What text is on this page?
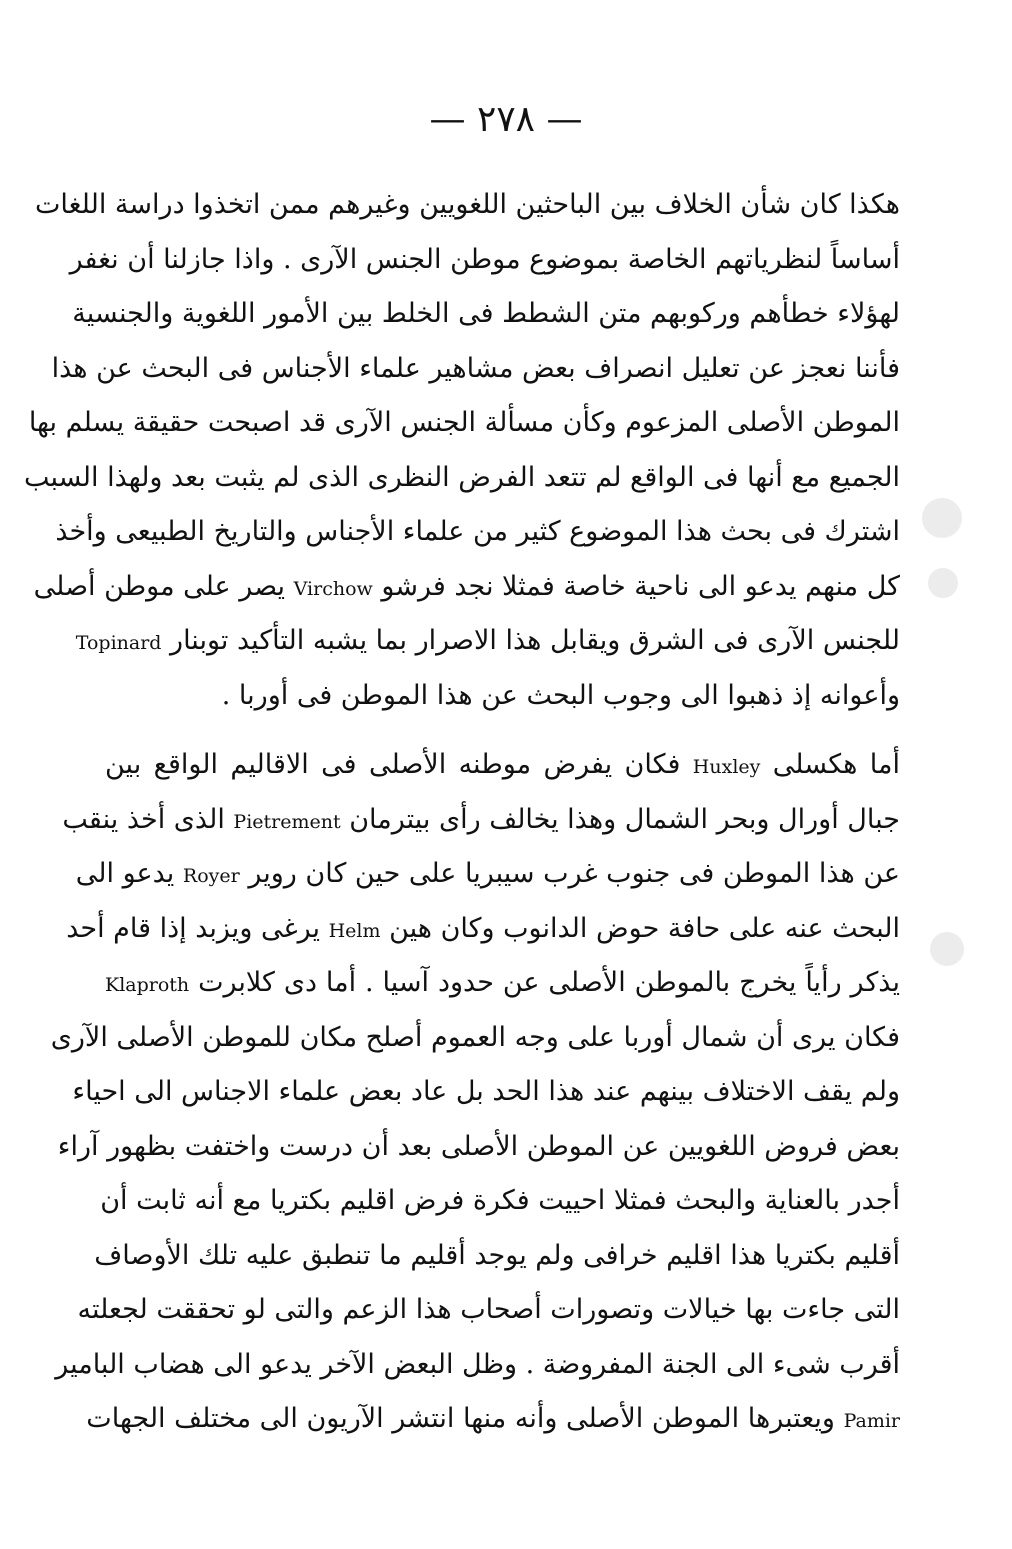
— ٢٧٨ —
هكذا كان شأن الخلاف بين الباحثين اللغويين وغيرهم ممن اتخذوا دراسة اللغات
أساساً لنظرياتهم الخاصة بموضوع موطن الجنس الآرى . واذا جازلنا أن نغفر
لهؤلاء خطأهم وركوبهم متن الشطط فى الخلط بين الأمور اللغوية والجنسية
فأننا نعجز عن تعليل انصراف بعض مشاهير علماء الأجناس فى البحث عن هذا
الموطن الأصلى المزعوم وكأن مسألة الجنس الآرى قد اصبحت حقيقة يسلم بها
الجميع مع أنها فى الواقع لم تتعد الفرض النظرى الذى لم يثبت بعد ولهذا السبب
اشترك فى بحث هذا الموضوع كثير من علماء الأجناس والتاريخ الطبيعى وأخذ
كل منهم يدعو الى ناحية خاصة فمثلا نجد فرشو Virchow يصر على موطن أصلى
للجنس الآرى فى الشرق ويقابل هذا الاصرار بما يشبه التأكيد توبنار Topinard
وأعوانه إذ ذهبوا الى وجوب البحث عن هذا الموطن فى أوربا .
أما هكسلى Huxley فكان يفرض موطنه الأصلى فى الاقاليم الواقع بين
جبال أورال وبحر الشمال وهذا يخالف رأى بيترمان Pietrement الذى أخذ ينقب
عن هذا الموطن فى جنوب غرب سيبريا على حين كان روير Royer يدعو الى
البحث عنه على حافة حوض الدانوب وكان هين Helm يرغى ويزبد إذا قام أحد
يذكر رأياً يخرج بالموطن الأصلى عن حدود آسيا . أما دى كلابرت Klaproth
فكان يرى أن شمال أوربا على وجه العموم أصلح مكان للموطن الأصلى الآرى
ولم يقف الاختلاف بينهم عند هذا الحد بل عاد بعض علماء الاجناس الى احياء
بعض فروض اللغويين عن الموطن الأصلى بعد أن درست واختفت بظهور آراء
أجدر بالعناية والبحث فمثلا احييت فكرة فرض اقليم بكتريا مع أنه ثابت أن
أقليم بكتريا هذا اقليم خرافى ولم يوجد أقليم ما تنطبق عليه تلك الأوصاف
التى جاءت بها خيالات وتصورات أصحاب هذا الزعم والتى لو تحققت لجعلته
أقرب شىء الى الجنة المفروضة . وظل البعض الآخر يدعو الى هضاب البامير
Pamir ويعتبرها الموطن الأصلى وأنه منها انتشر الآريون الى مختلف الجهات
